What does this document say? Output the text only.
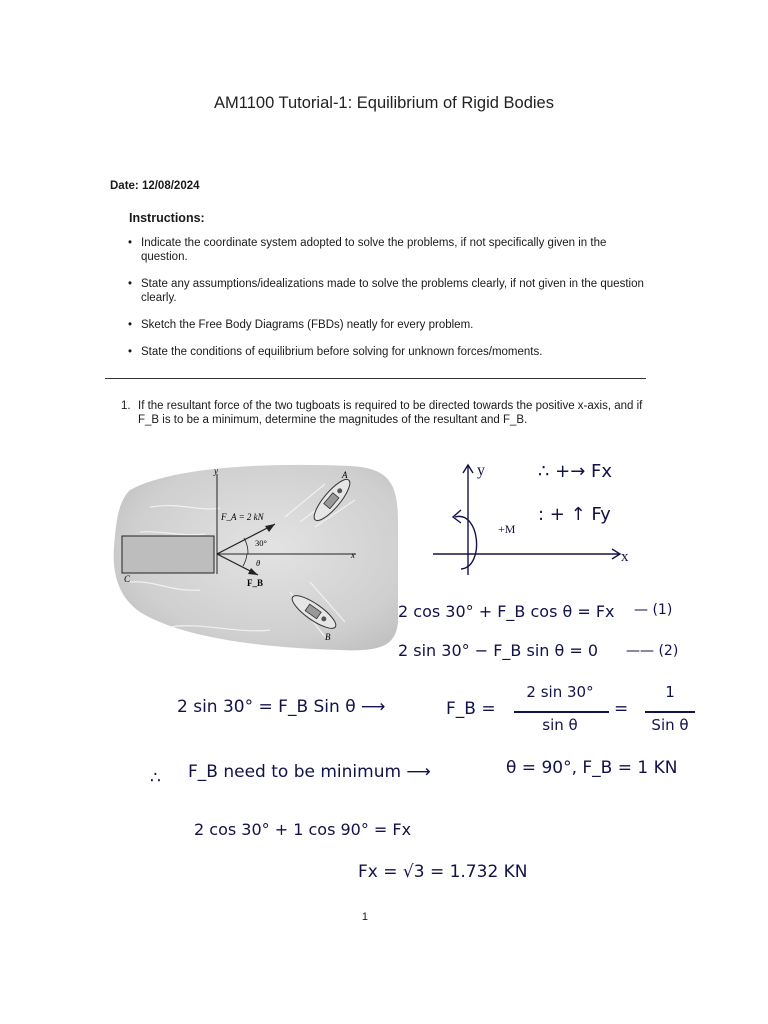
AM1100 Tutorial-1: Equilibrium of Rigid Bodies
Date: 12/08/2024
Instructions:
• Indicate the coordinate system adopted to solve the problems, if not specifically given in the question.
• State any assumptions/idealizations made to solve the problems clearly, if not given in the question clearly.
• Sketch the Free Body Diagrams (FBDs) neatly for every problem.
• State the conditions of equilibrium before solving for unknown forces/moments.
1. If the resultant force of the two tugboats is required to be directed towards the positive x-axis, and if F_B is to be a minimum, determine the magnitudes of the resultant and F_B.
y
x
F_A = 2 kN
30°
θ
F_B
A
B
C
y
x
+M
∴ +→ Fx
: + ↑ Fy
2 cos 30° + F_B cos θ = Fx — (1)
2 sin 30° − F_B sin θ = 0 —— (2)
2 sin 30° = F_B Sin θ ⟶	F_B =
2 sin 30°
sin θ
=
1
Sin θ
∴ F_B need to be minimum ⟶	θ = 90°, F_B = 1 KN
2 cos 30° + 1 cos 90° = Fx
Fx = √3 = 1.732 KN
1
